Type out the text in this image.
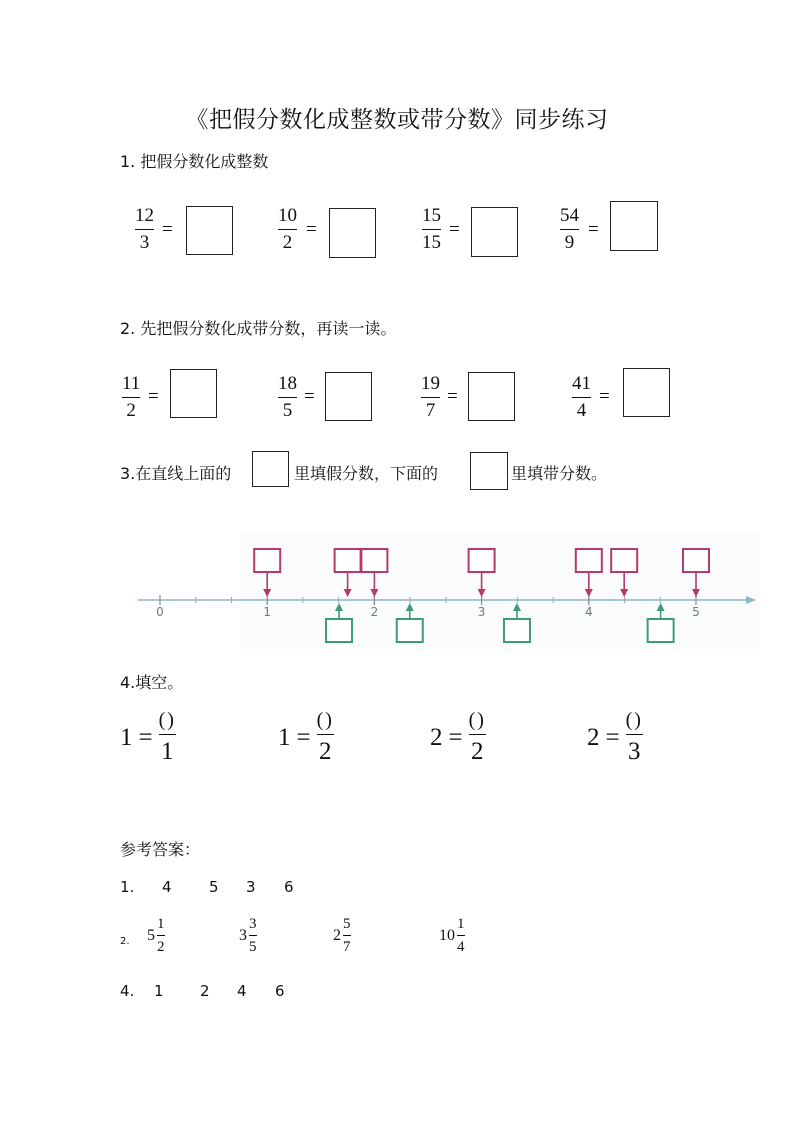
《把假分数化成整数或带分数》同步练习
1. 把假分数化成整数
$\frac{12}{3}$ =	$\frac{10}{2}$ =	$\frac{15}{15}$ =	$\frac{54}{9}$ =
2. 先把假分数化成带分数，再读一读。
$\frac{11}{2}$ =	$\frac{18}{5}$ =	$\frac{19}{7}$ =	$\frac{41}{4}$ =
3.在直线上面的	里填假分数，下面的	里填带分数。
0	1	2	3	4	5
4.填空。
1 =
()
1
1 =
()
2
2 =
()
2
2 =
()
3
参考答案：
1. 4 5 3 6
2. $5 \frac{1}{2}$	$3 \frac{3}{5}$	$2 \frac{5}{7}$	$10 \frac{1}{4}$
4. 1 2 4 6
